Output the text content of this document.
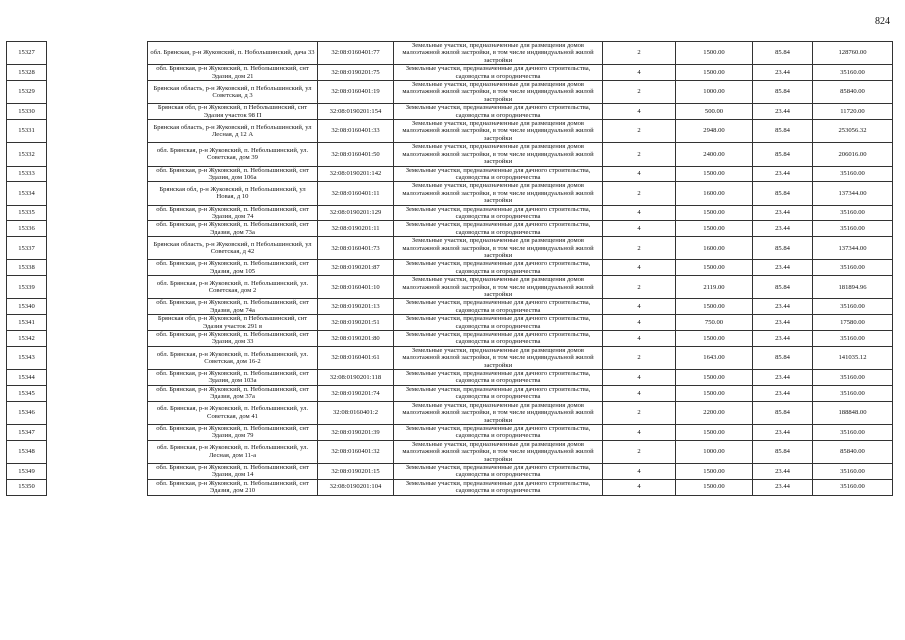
824
15327		обл. Брянская, р-н Жуковский, п. Нобольшинский, дача 33	32:08:0160401:77	Земельные участки, предназначенные для размещения домов малоэтажной жилой застройки, в том числе индивидуальной жилой застройки	2	1500.00	85.84	128760.00
15328		обл. Брянская, р-н Жуковский, п. Небольшинский, снт Эдазия, дом 21	32:08:0190201:75	Земельные участки, предназначенные для дачного строительства, садоводства и огородничества	4	1500.00	23.44	35160.00
15329		Брянская область, р-н Жуковский, п Небольшинский, ул Советская, д 3	32:08:0160401:19	Земельные участки, предназначенные для размещения домов малоэтажной жилой застройки, в том числе индивидуальной жилой застройки	2	1000.00	85.84	85840.00
15330		Брянская обл, р-н Жуковский, п Небольшинский, снт Эдазия участок 98 П	32:08:0190201:154	Земельные участки, предназначенные для дачного строительства, садоводства и огородничества	4	500.00	23.44	11720.00
15331		Брянская область, р-н Жуковский, п Небольшинский, ул Лесная, д 12 А	32:08:0160401:33	Земельные участки, предназначенные для размещения домов малоэтажной жилой застройки, в том числе индивидуальной жилой застройки	2	2948.00	85.84	253056.32
15332		обл. Брянская, р-н Жуковский, п. Небольшинский, ул. Советская, дом 39	32:08:0160401:50	Земельные участки, предназначенные для размещения домов малоэтажной жилой застройки, в том числе индивидуальной жилой застройки	2	2400.00	85.84	206016.00
15333		обл. Брянская, р-н Жуковский, п. Небольшинский, снт Эдазия, дом 106а	32:08:0190201:142	Земельные участки, предназначенные для дачного строительства, садоводства и огородничества	4	1500.00	23.44	35160.00
15334		Брянская обл, р-н Жуковский, п Небольшинский, ул Новая, д 10	32:08:0160401:11	Земельные участки, предназначенные для размещения домов малоэтажной жилой застройки, в том числе индивидуальной жилой застройки	2	1600.00	85.84	137344.00
15335		обл. Брянская, р-н Жуковский, п. Небольшинский, снт Эдазия, дом 74	32:08:0190201:129	Земельные участки, предназначенные для дачного строительства, садоводства и огородничества	4	1500.00	23.44	35160.00
15336		обл. Брянская, р-н Жуковский, п. Небольшинский, снт Эдазия, дом 73а	32:08:0190201:11	Земельные участки, предназначенные для дачного строительства, садоводства и огородничества	4	1500.00	23.44	35160.00
15337		Брянская область, р-н Жуковский, п Небольшинский, ул Советская, д 42	32:08:0160401:73	Земельные участки, предназначенные для размещения домов малоэтажной жилой застройки, в том числе индивидуальной жилой застройки	2	1600.00	85.84	137344.00
15338		обл. Брянская, р-н Жуковский, п. Небольшинский, снт Эдазия, дом 105	32:08:0190201:87	Земельные участки, предназначенные для дачного строительства, садоводства и огородничества	4	1500.00	23.44	35160.00
15339		обл. Брянская, р-н Жуковский, п. Небольшинский, ул. Советская, дом 2	32:08:0160401:10	Земельные участки, предназначенные для размещения домов малоэтажной жилой застройки, в том числе индивидуальной жилой застройки	2	2119.00	85.84	181894.96
15340		обл. Брянская, р-н Жуковский, п. Небольшинский, снт Эдазия, дом 74а	32:08:0190201:13	Земельные участки, предназначенные для дачного строительства, садоводства и огородничества	4	1500.00	23.44	35160.00
15341		Брянская обл, р-н Жуковский, п Небольшинский, снт Эдазия участок 291 в	32:08:0190201:51	Земельные участки, предназначенные для дачного строительства, садоводства и огородничества	4	750.00	23.44	17580.00
15342		обл. Брянская, р-н Жуковский, п. Небольшинский, снт Эдазия, дом 33	32:08:0190201:80	Земельные участки, предназначенные для дачного строительства, садоводства и огородничества	4	1500.00	23.44	35160.00
15343		обл. Брянская, р-н Жуковский, п. Небольшинский, ул. Советская, дом 16-2	32:08:0160401:61	Земельные участки, предназначенные для размещения домов малоэтажной жилой застройки, в том числе индивидуальной жилой застройки	2	1643.00	85.84	141035.12
15344		обл. Брянская, р-н Жуковский, п. Небольшинский, снт Эдазия, дом 103а	32:08:0190201:118	Земельные участки, предназначенные для дачного строительства, садоводства и огородничества	4	1500.00	23.44	35160.00
15345		обл. Брянская, р-н Жуковский, п. Небольшинский, снт Эдазия, дом 37а	32:08:0190201:74	Земельные участки, предназначенные для дачного строительства, садоводства и огородничества	4	1500.00	23.44	35160.00
15346		обл. Брянская, р-н Жуковский, п. Небольшинский, ул. Советская, дом 41	32:08:0160401:2	Земельные участки, предназначенные для размещения домов малоэтажной жилой застройки, в том числе индивидуальной жилой застройки	2	2200.00	85.84	188848.00
15347		обл. Брянская, р-н Жуковский, п. Небольшинский, снт Эдазия, дом 79	32:08:0190201:39	Земельные участки, предназначенные для дачного строительства, садоводства и огородничества	4	1500.00	23.44	35160.00
15348		обл. Брянская, р-н Жуковский, п. Небольшинский, ул. Лесная, дом 11-а	32:08:0160401:32	Земельные участки, предназначенные для размещения домов малоэтажной жилой застройки, в том числе индивидуальной жилой застройки	2	1000.00	85.84	85840.00
15349		обл. Брянская, р-н Жуковский, п. Небольшинский, снт Эдазия, дом 14	32:08:0190201:15	Земельные участки, предназначенные для дачного строительства, садоводства и огородничества	4	1500.00	23.44	35160.00
15350		обл. Брянская, р-н Жуковский, п. Небольшинский, снт Эдазия, дом 210	32:08:0190201:104	Земельные участки, предназначенные для дачного строительства, садоводства и огородничества	4	1500.00	23.44	35160.00
